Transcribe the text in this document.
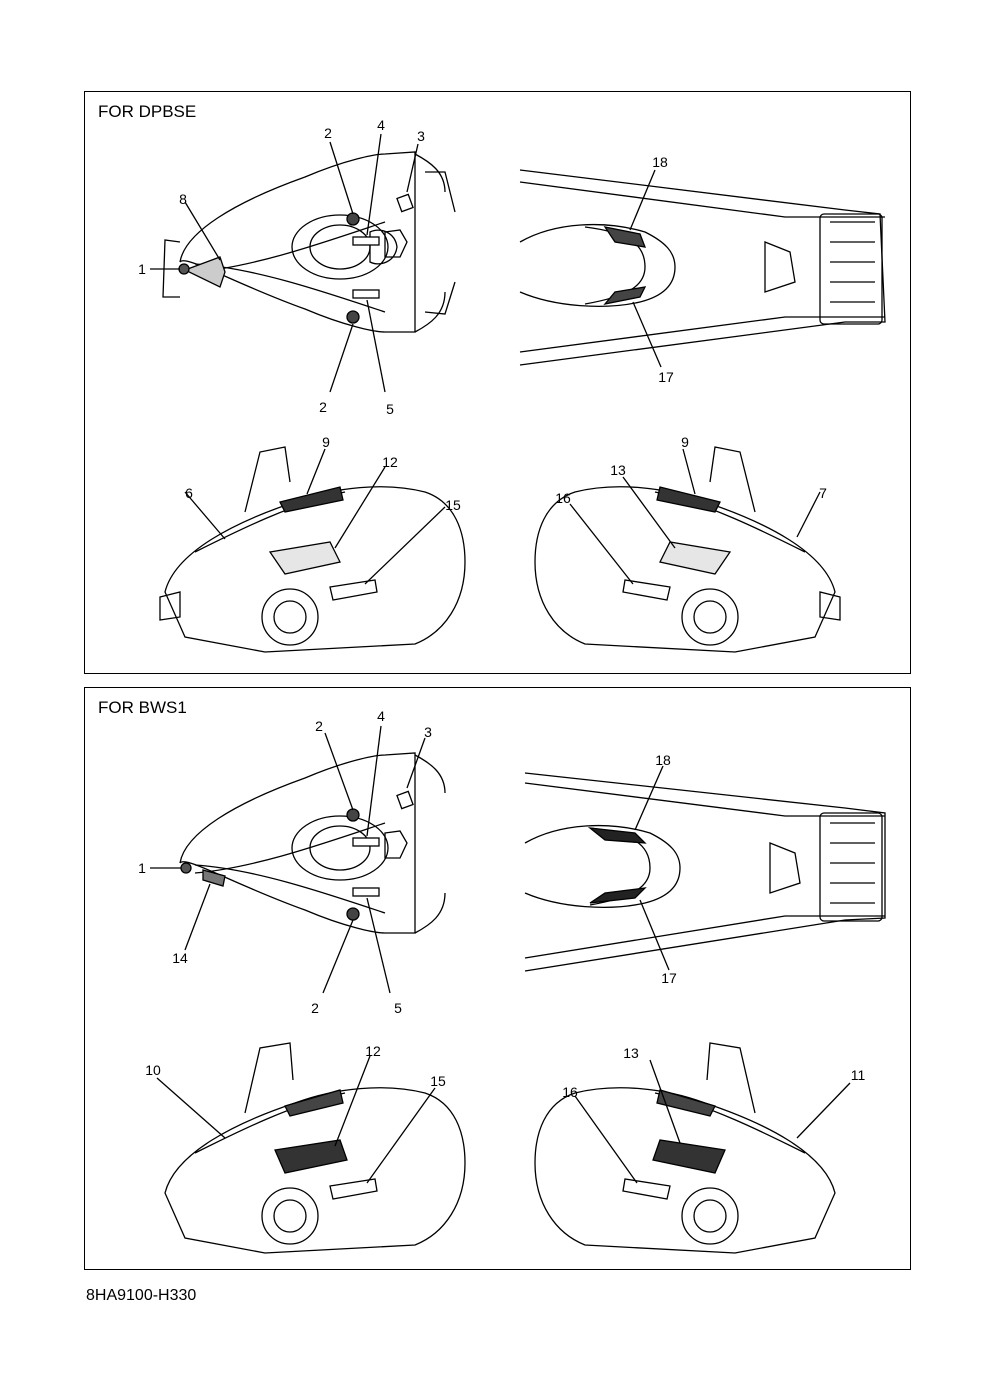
FOR DPBSE
1
2	4
3
8
2	5
18
17
9
12
6
15
9
13
16	7
FOR BWS1
2
4
3
1
14
2	5
18
17
12
10
15
13
11
16
8HA9100-H330
